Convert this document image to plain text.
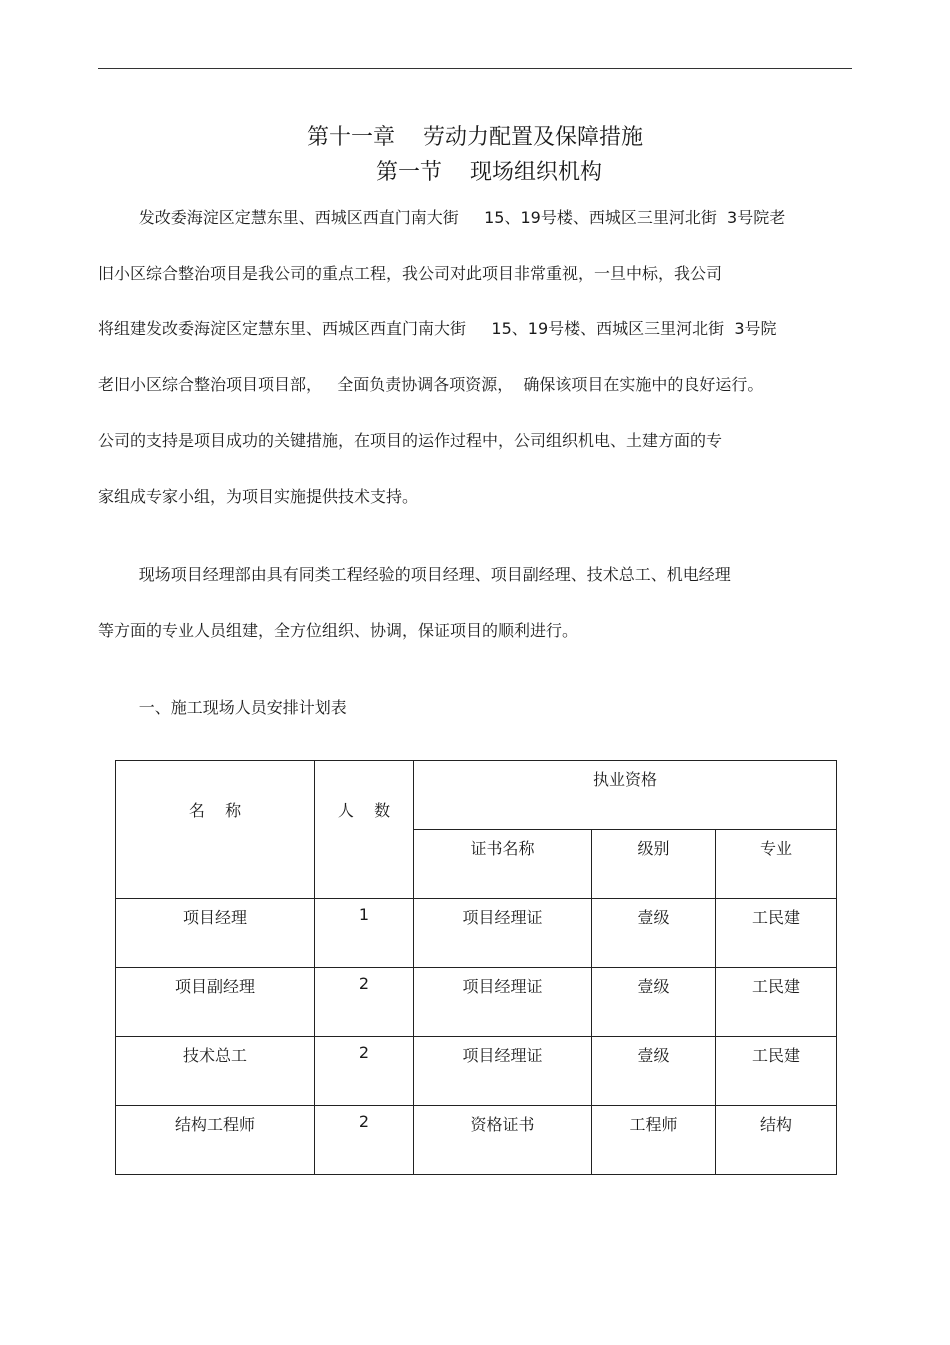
第十一章    劳动力配置及保障措施
第一节    现场组织机构
发改委海淀区定慧东里、西城区西直门南大街     15、19号楼、西城区三里河北街  3号院老
旧小区综合整治项目是我公司的重点工程，我公司对此项目非常重视，一旦中标，我公司
将组建发改委海淀区定慧东里、西城区西直门南大街     15、19号楼、西城区三里河北街  3号院
老旧小区综合整治项目项目部，   全面负责协调各项资源，  确保该项目在实施中的良好运行。
公司的支持是项目成功的关键措施，在项目的运作过程中，公司组织机电、土建方面的专
家组成专家小组，为项目实施提供技术支持。
现场项目经理部由具有同类工程经验的项目经理、项目副经理、技术总工、机电经理
等方面的专业人员组建，全方位组织、协调，保证项目的顺利进行。
一、施工现场人员安排计划表
名    称	人    数	执业资格		

		证书名称	级别	专业

项目经理	1	项目经理证	壹级	工民建

项目副经理	2	项目经理证	壹级	工民建

技术总工	2	项目经理证	壹级	工民建

结构工程师	2	资格证书	工程师	结构
